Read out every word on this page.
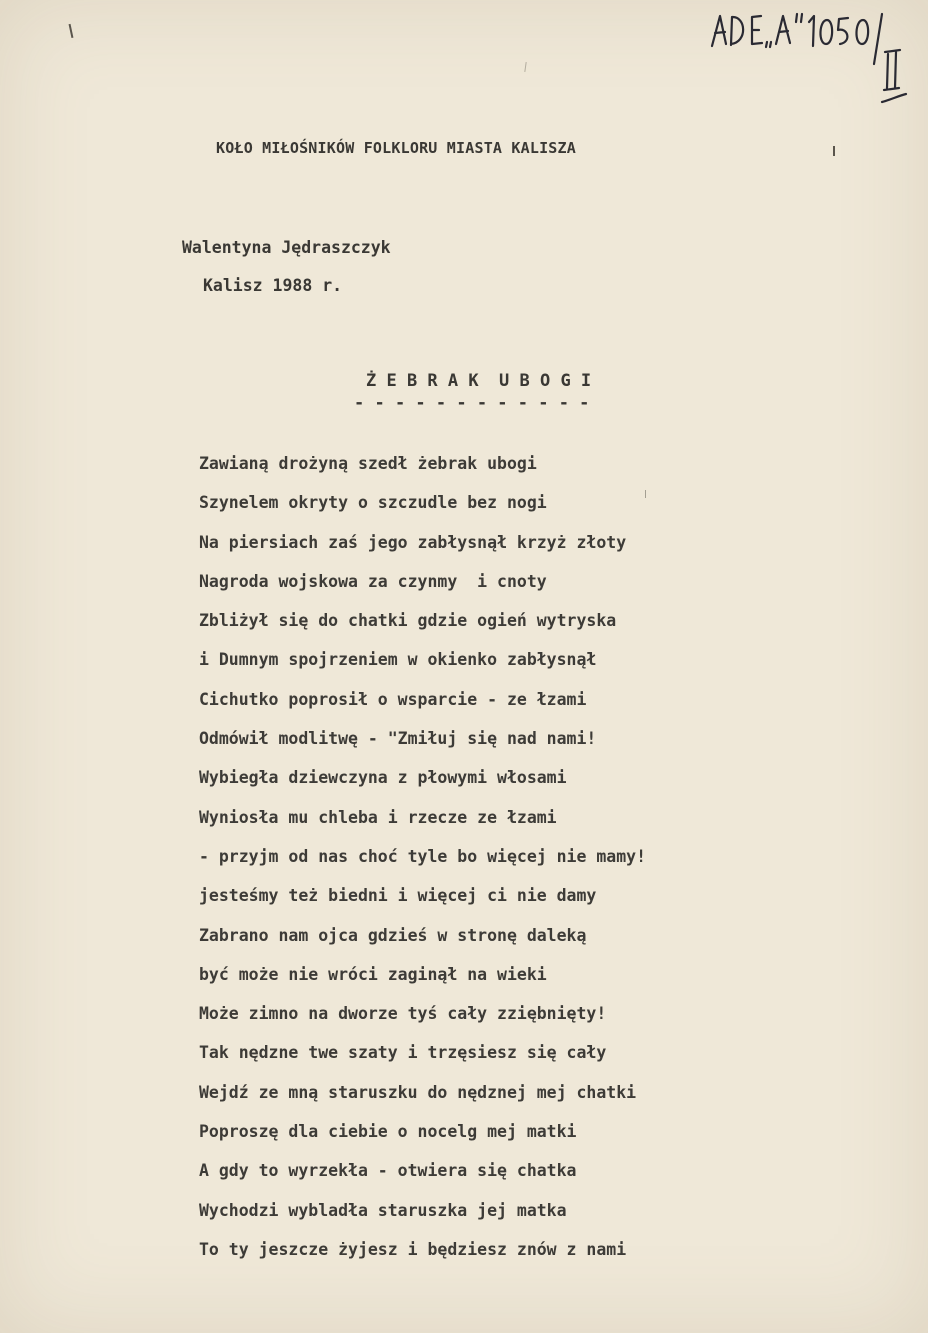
KOŁO MIŁOŚNIKÓW FOLKLORU MIASTA KALISZA
Walentyna Jędraszczyk
Kalisz 1988 r.
Ż E B R A K  U B O G I
- - - - - - - - - - - -
Zawianą drożyną szedł żebrak ubogi
Szynelem okryty o szczudle bez nogi
Na piersiach zaś jego zabłysnął krzyż złoty
Nagroda wojskowa za czynmy  i cnoty
Zbliżył się do chatki gdzie ogień wytryska
i Dumnym spojrzeniem w okienko zabłysnął
Cichutko poprosił o wsparcie - ze łzami
Odmówił modlitwę - "Zmiłuj się nad nami!
Wybiegła dziewczyna z płowymi włosami
Wyniosła mu chleba i rzecze ze łzami
- przyjm od nas choć tyle bo więcej nie mamy!
jesteśmy też biedni i więcej ci nie damy
Zabrano nam ojca gdzieś w stronę daleką
być może nie wróci zaginął na wieki
Może zimno na dworze tyś cały zziębnięty!
Tak nędzne twe szaty i trzęsiesz się cały
Wejdź ze mną staruszku do nędznej mej chatki
Poproszę dla ciebie o nocelg mej matki
A gdy to wyrzekła - otwiera się chatka
Wychodzi wybladła staruszka jej matka
To ty jeszcze żyjesz i będziesz znów z nami
